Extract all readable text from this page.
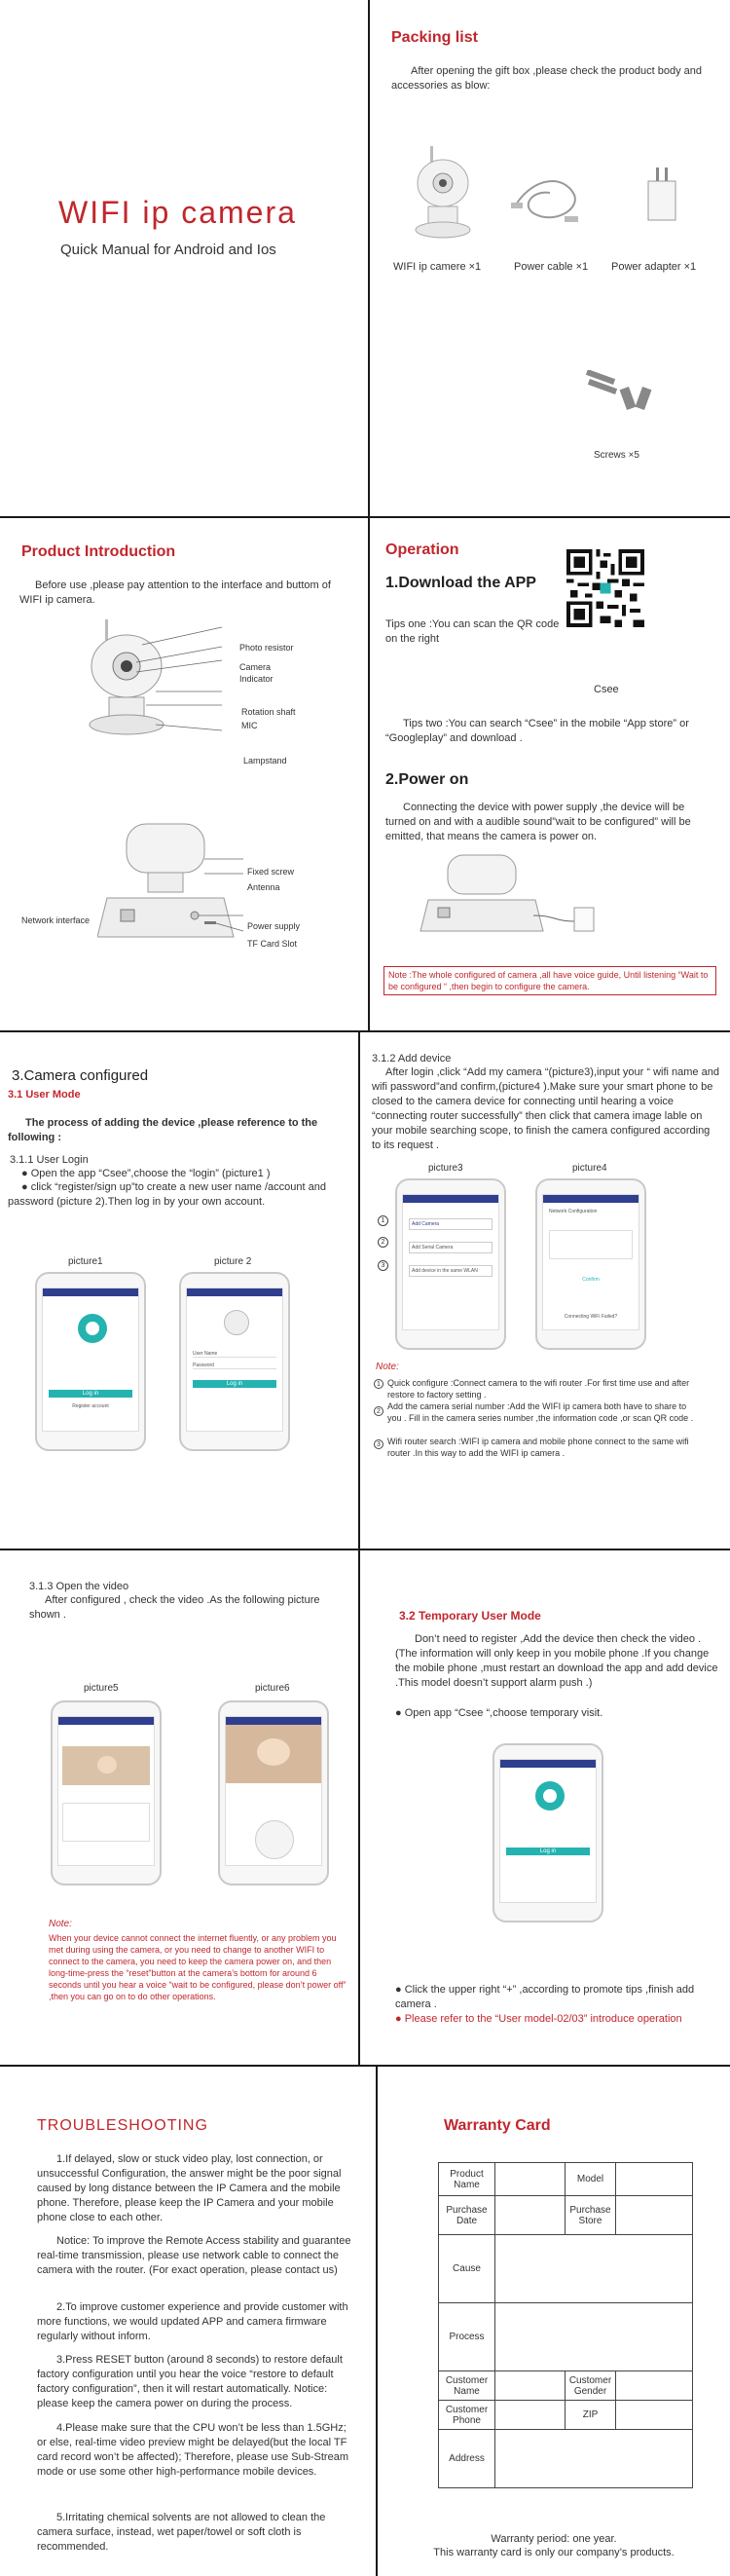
WIFI ip camera
Quick Manual for Android and Ios
Packing list
After opening the gift box ,please check the product body and accessories as blow:
WIFI ip camere ×1	Power cable ×1 Power adapter ×1
Screws ×5
Product Introduction
Before use ,please pay attention to the interface and buttom of WIFI ip camera.
Photo resistor
Camera
Indicator
Rotation shaft
MIC
Lampstand
Fixed screw
Antenna
Network interface
Power supply
TF Card Slot
Operation
1.Download the APP
Tips one :You can scan the QR code on the right
Csee
Tips two :You can search “Csee” in the mobile “App store” or “Googleplay” and download .
2.Power on
Connecting the device with power supply ,the device will be turned on and with a audible sound”wait to be configured” will be emitted, that means the camera is power on.
Note :The whole configured of camera ,all have voice guide, Until listening “Wait to be configured “ ,then begin to configure the camera.
3.Camera configured
3.1 User Mode
The process of adding the device ,please reference to the following :
3.1.1 User Login
● Open the app “Csee”,choose the “login” (picture1 )
● click “register/sign up”to create a new user name /account and password (picture 2).Then log in by your own account.
picture1	picture 2
Log in
Register account
User Name
Password
Log in
3.1.2 Add device
After login ,click “Add my camera “(picture3),input your “ wifi name and wifi password”and confirm,(picture4 ).Make sure your smart phone to be closed to the camera device for connecting until hearing a voice “connecting router successfully” then click that camera image lable on your mobile searching scope, to finish the camera configured according to its request .
picture3	picture4
Add Camera
Add Serial Camera
Add device in the same WLAN
1
2
3
Network Configuration
Confirm
Connecting WiFi Failed?
Note:
1 Quick configure :Connect camera to the wifi router .For first time use and after restore to factory setting .
2
Add the camera serial number :Add the WIFI ip camera both have to share to you . Fill in the camera series number ,the information code ,or scan QR code .
3 Wifi router search :WIFI ip camera and mobile phone connect to the same wifi router .In this way to add the WIFI ip camera .
3.1.3 Open the video
After configured , check the video .As the following picture shown .
picture5	picture6
Note:
When your device cannot connect the internet fluently, or any problem you met during using the camera, or you need to change to another WIFI to connect to the camera, you need to keep the camera power on, and then long-time-press the “reset”button at the camera’s bottom for around 6 seconds until you hear a voice “wait to be configured, please don’t power off” ,then you can go on to do other operations.
3.2 Temporary User Mode
Don’t need to register ,Add the device then check the video .(The information will only keep in you mobile phone .If you change the mobile phone ,must restart an download the app and add device .This model doesn’t support alarm push .)
● Open app “Csee “,choose temporary visit.
Log in
● Click the upper right “+” ,according to promote tips ,finish add camera .
● Please refer to the “User model-02/03” introduce operation
TROUBLESHOOTING
1.If delayed, slow or stuck video play, lost connection, or unsuccessful Configuration, the answer might be the poor signal caused by long distance between the IP Camera and the mobile phone. Therefore, please keep the IP Camera and your mobile phone close to each other.
Notice: To improve the Remote Access stability and guarantee real-time transmission, please use network cable to connect the camera with the router. (For exact operation, please contact us)
2.To improve customer experience and provide customer with more functions, we would updated APP and camera firmware regularly without inform.
3.Press RESET button (around 8 seconds) to restore default factory configuration until you hear the voice “restore to default factory configuration”, then it will restart automatically. Notice: please keep the camera power on during the process.
4.Please make sure that the CPU won’t be less than 1.5GHz; or else, real-time video preview might be delayed(but the local TF card record won’t be affected); Therefore, please use Sub-Stream mode or use some other high-performance mobile devices.
5.Irritating chemical solvents are not allowed to clean the camera surface, instead, wet paper/towel or soft cloth is recommended.
Warranty Card
Product Name		Model	
Purchase Date		Purchase Store	
Cause			
Process			
Customer Name		Customer Gender	
Customer Phone		ZIP	
Address			
Warranty period: one year.
This warranty card is only our company’s products.
